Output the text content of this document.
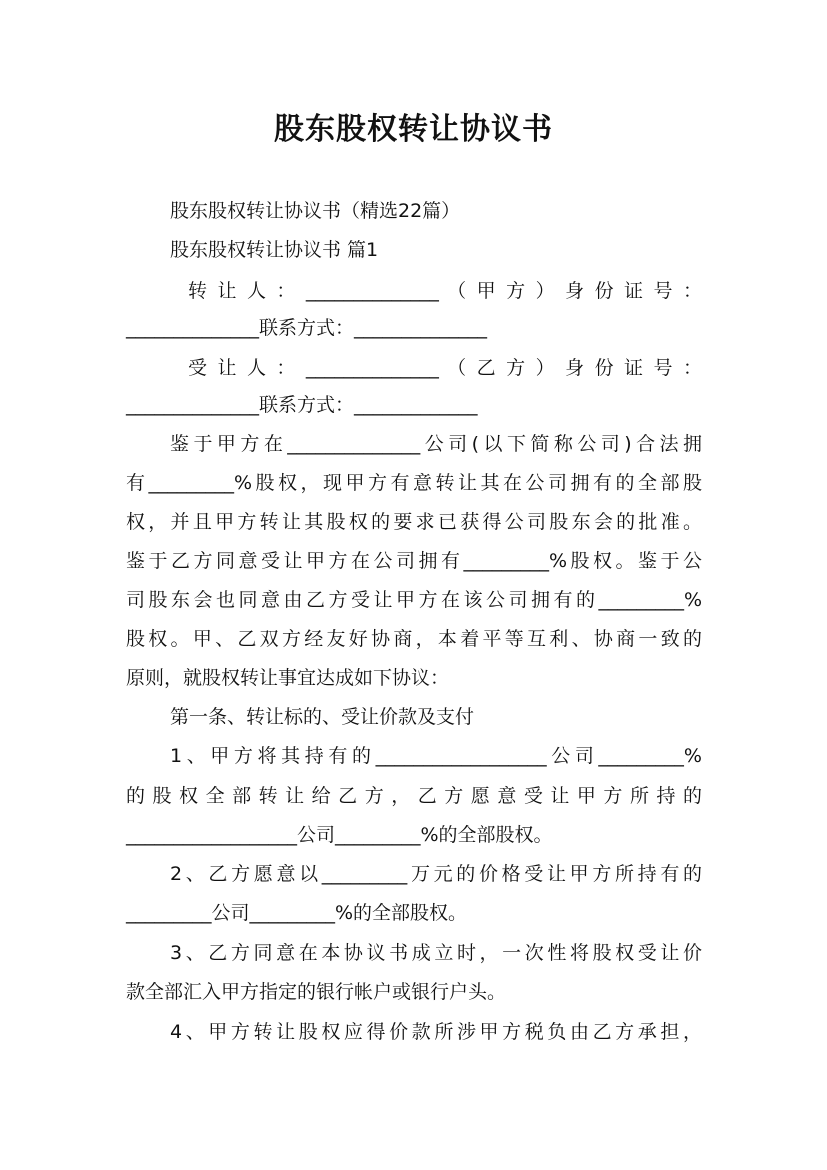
股东股权转让协议书
股东股权转让协议书（精选22篇）
股东股权转让协议书 篇1
转 让 人 ： ______________ （ 甲 方 ） 身 份 证 号 ：
______________联系方式：______________
受 让 人 ： ______________ （ 乙 方 ） 身 份 证 号 ：
______________联系方式：_____________
鉴于甲方在______________公司(以下简称公司)合法拥
有_________%股权，现甲方有意转让其在公司拥有的全部股
权，并且甲方转让其股权的要求已获得公司股东会的批准。
鉴于乙方同意受让甲方在公司拥有_________%股权。鉴于公
司股东会也同意由乙方受让甲方在该公司拥有的_________%
股权。甲、乙双方经友好协商，本着平等互利、协商一致的
原则，就股权转让事宜达成如下协议：
第一条、转让标的、受让价款及支付
1、甲方将其持有的__________________公司_________%
的股权全部转让给乙方，乙方愿意受让甲方所持的
__________________公司_________%的全部股权。
2、乙方愿意以_________万元的价格受让甲方所持有的
_________公司_________%的全部股权。
3、乙方同意在本协议书成立时，一次性将股权受让价
款全部汇入甲方指定的银行帐户或银行户头。
4、甲方转让股权应得价款所涉甲方税负由乙方承担，
